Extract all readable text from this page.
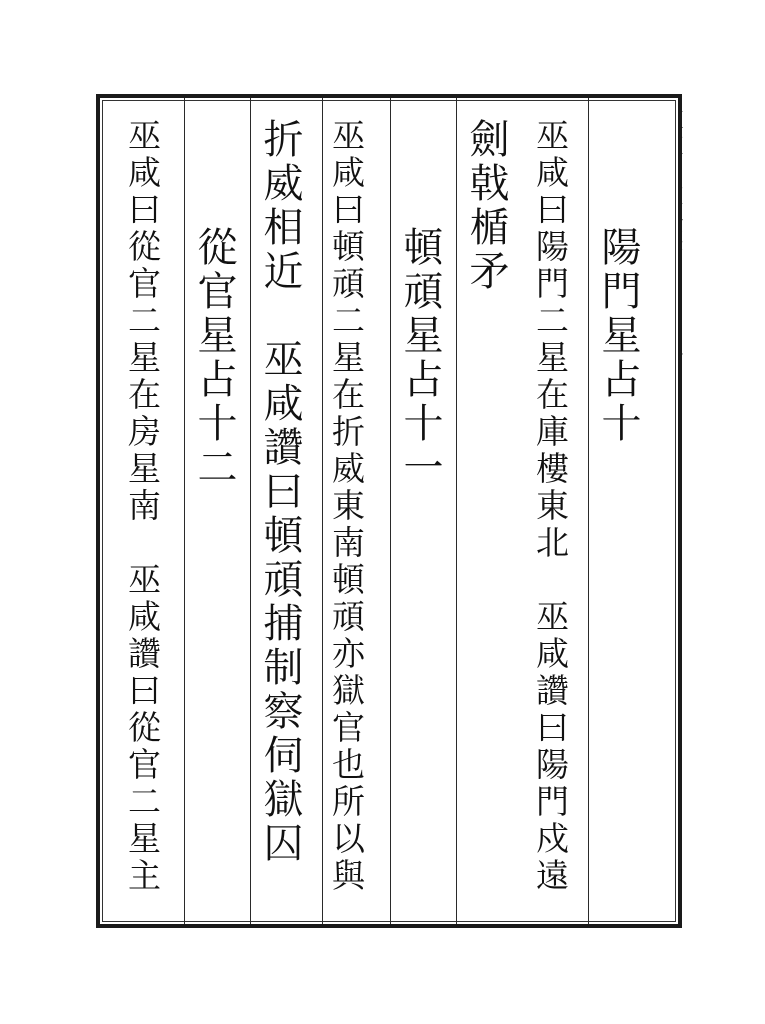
陽門星占十
巫咸曰陽門二星在庫樓東北　巫咸讚曰陽門戍遠
劍戟楯矛
頓頑星占十一
巫咸曰頓頑二星在折威東南頓頑亦獄官也所以與
折威相近　巫咸讚曰頓頑捕制察伺獄囚
從官星占十二
巫咸曰從官二星在房星南　巫咸讚曰從官二星主
